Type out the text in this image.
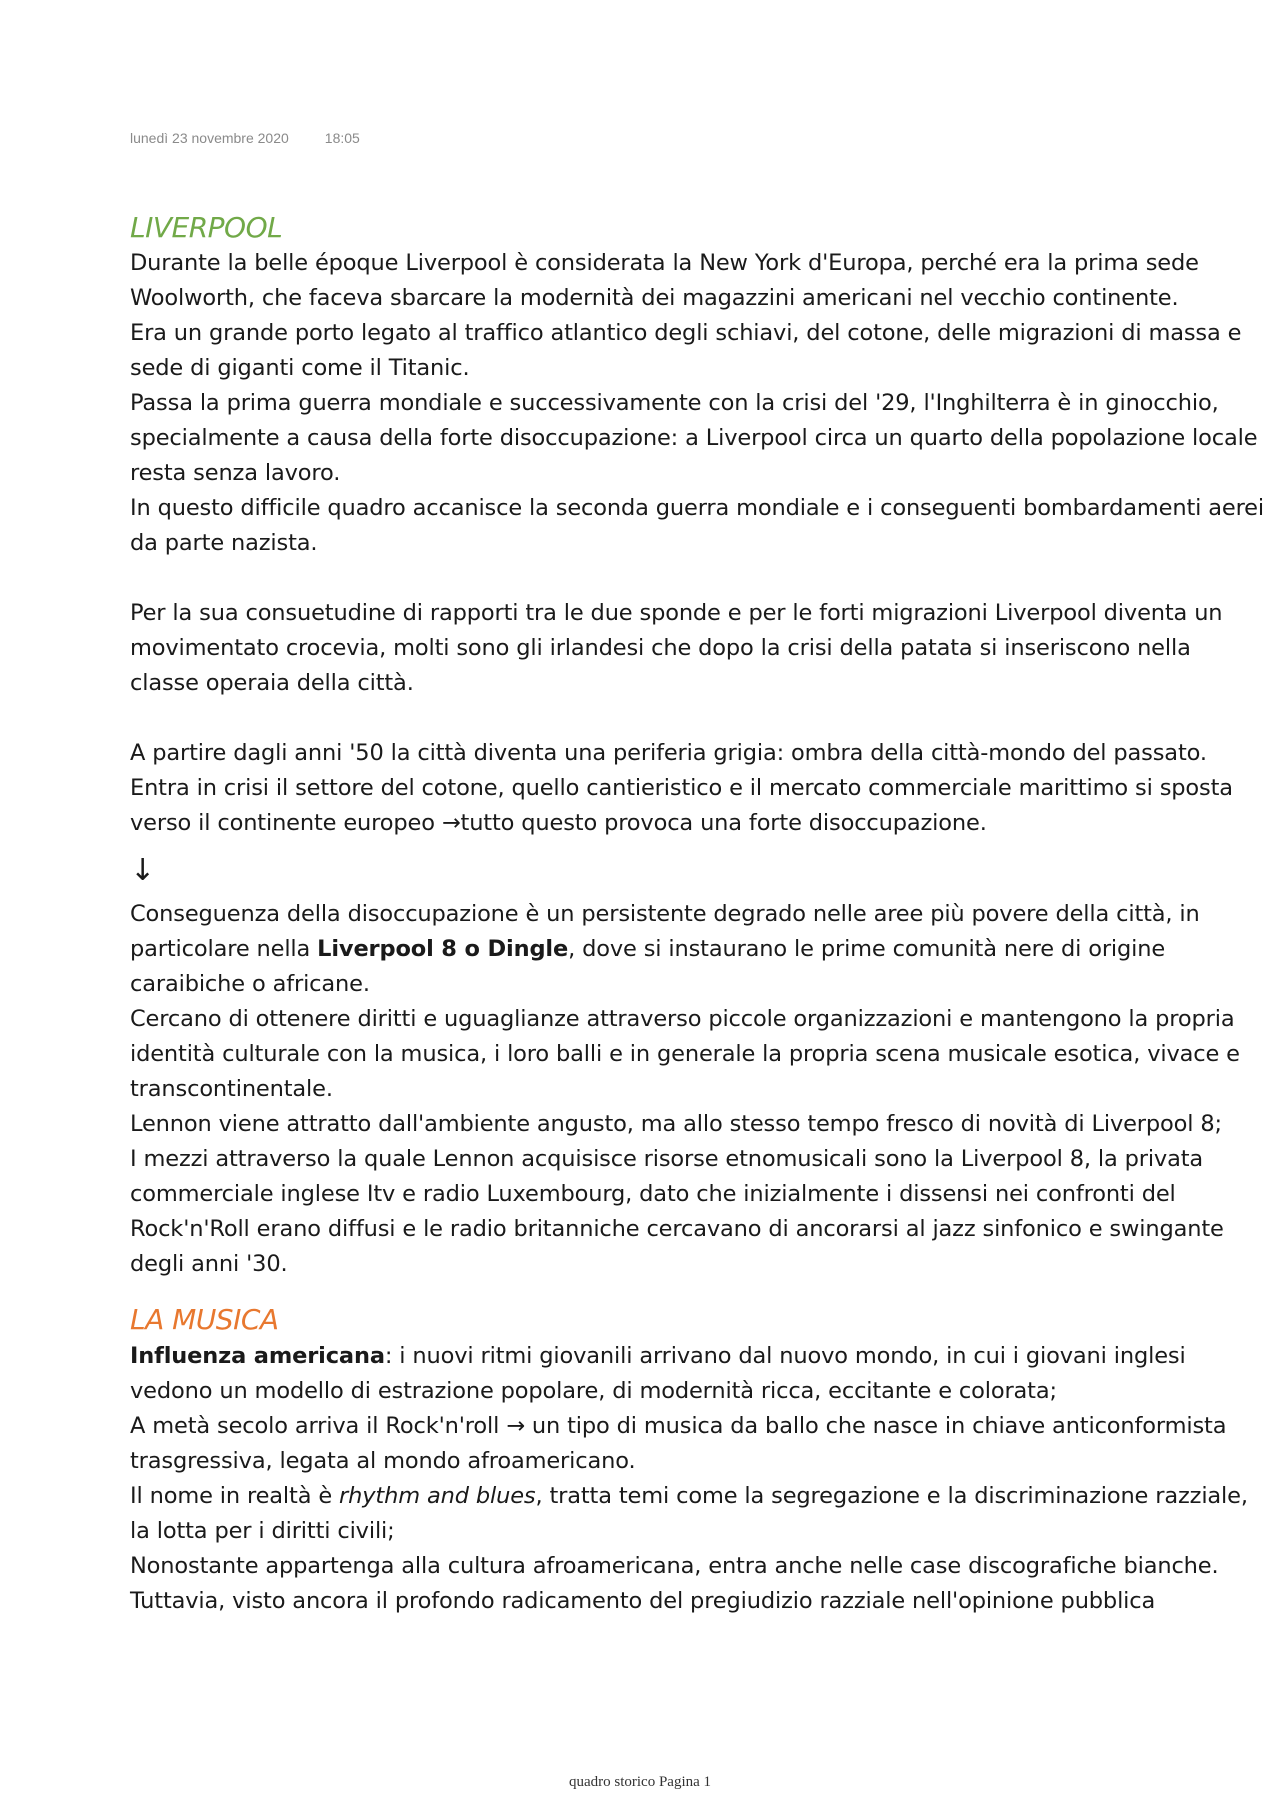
lunedì 23 novembre 2020	18:05
LIVERPOOL

Durante la belle époque Liverpool è considerata la New York d'Europa, perché era la prima sede Woolworth, che faceva sbarcare la modernità dei magazzini americani nel vecchio continente.

Era un grande porto legato al traffico atlantico degli schiavi, del cotone, delle migrazioni di massa e sede di giganti come il Titanic.

Passa la prima guerra mondiale e successivamente con la crisi del '29, l'Inghilterra è in ginocchio, specialmente a causa della forte disoccupazione: a Liverpool circa un quarto della popolazione locale resta senza lavoro.

In questo difficile quadro accanisce la seconda guerra mondiale e i conseguenti bombardamenti aerei da parte nazista.

Per la sua consuetudine di rapporti tra le due sponde e per le forti migrazioni Liverpool diventa un movimentato crocevia, molti sono gli irlandesi che dopo la crisi della patata si inseriscono nella classe operaia della città.

A partire dagli anni '50 la città diventa una periferia grigia: ombra della città-mondo del passato.

Entra in crisi il settore del cotone, quello cantieristico e il mercato commerciale marittimo si sposta verso il continente europeo →tutto questo provoca una forte disoccupazione.

↓

Conseguenza della disoccupazione è un persistente degrado nelle aree più povere della città, in particolare nella Liverpool 8 o Dingle, dove si instaurano le prime comunità nere di origine caraibiche o africane.

Cercano di ottenere diritti e uguaglianze attraverso piccole organizzazioni e mantengono la propria identità culturale con la musica, i loro balli e in generale la propria scena musicale esotica, vivace e transcontinentale.

Lennon viene attratto dall'ambiente angusto, ma allo stesso tempo fresco di novità di Liverpool 8;

I mezzi attraverso la quale Lennon acquisisce risorse etnomusicali sono la Liverpool 8, la privata commerciale inglese Itv e radio Luxembourg, dato che inizialmente i dissensi nei confronti del Rock'n'Roll erano diffusi e le radio britanniche cercavano di ancorarsi al jazz sinfonico e swingante degli anni '30.

LA MUSICA

Influenza americana: i nuovi ritmi giovanili arrivano dal nuovo mondo, in cui i giovani inglesi vedono un modello di estrazione popolare, di modernità ricca, eccitante e colorata;

A metà secolo arriva il Rock'n'roll → un tipo di musica da ballo che nasce in chiave anticonformista trasgressiva, legata al mondo afroamericano.

Il nome in realtà è rhythm and blues, tratta temi come la segregazione e la discriminazione razziale, la lotta per i diritti civili;

Nonostante appartenga alla cultura afroamericana, entra anche nelle case discografiche bianche.

Tuttavia, visto ancora il profondo radicamento del pregiudizio razziale nell'opinione pubblica

quadro storico Pagina 1
